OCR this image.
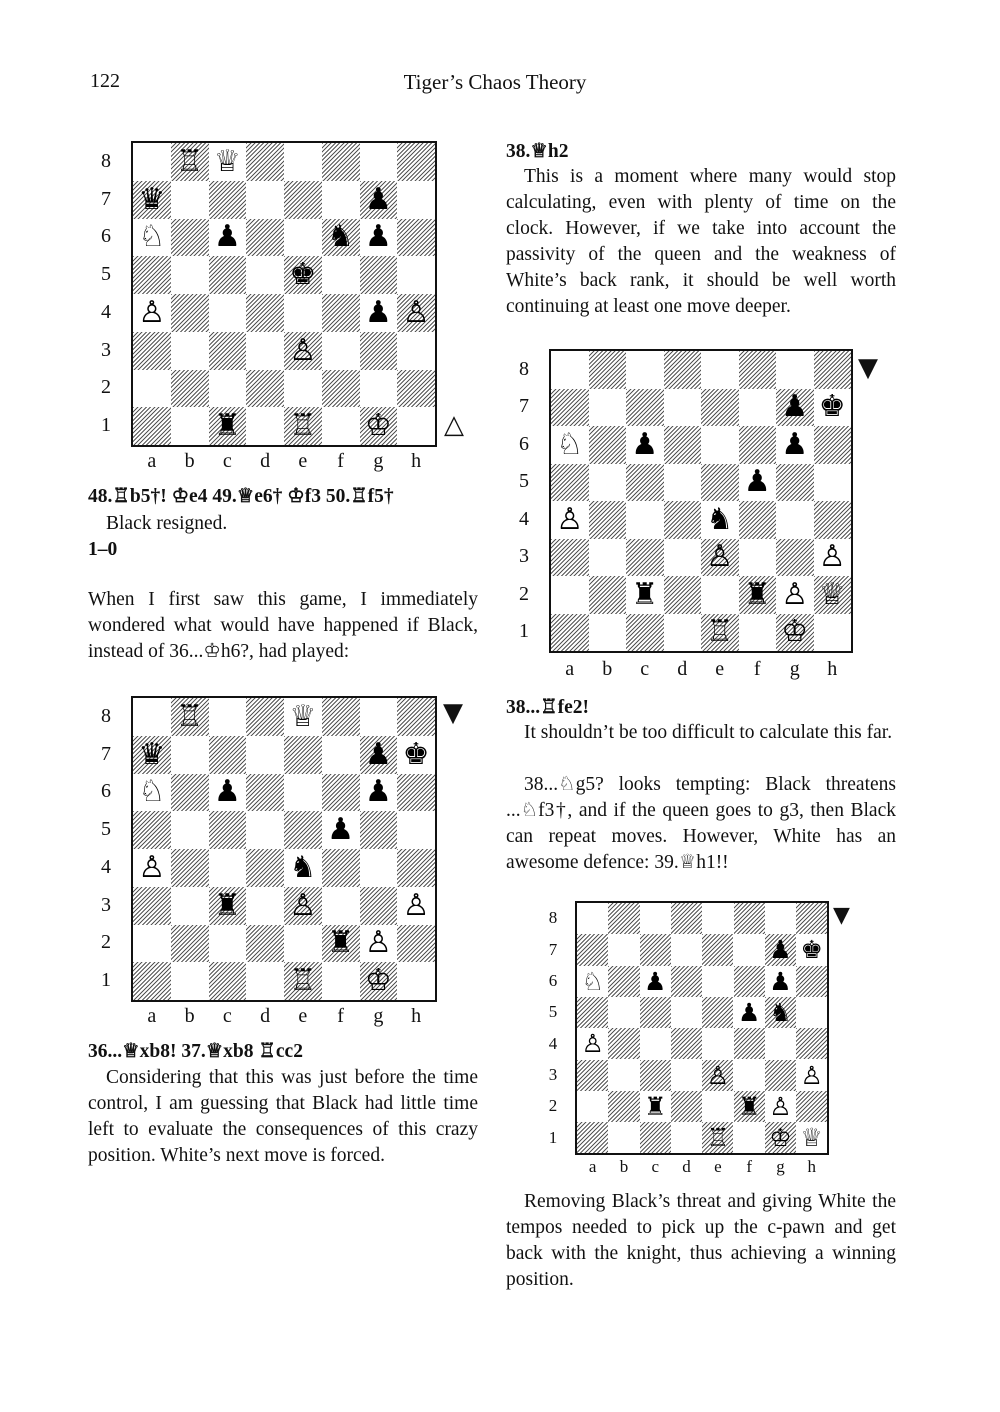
122	Tiger’s Chaos Theory
♖ ♕
♛	♟
♘ ♟	♞ ♟
♚
♙	♟ ♙
♙
♜ ♖ ♔
8
7
6
5
4
3
2
1
a	b	c	d	e	f	g	h
△
♖	♕
♛	♟ ♚
♘ ♟	♟
♟
♙	♞
♜ ♙	♙
♜ ♙
♖ ♔
8
7
6
5
4
3
2
1
a	b	c	d	e	f	g	h
▼
♟ ♚
♘ ♟	♟
♟
♙	♞
♙	♙
♜	♜ ♙ ♕
♖ ♔
8
7
6
5
4
3
2
1
a	b	c	d	e	f	g	h
▼
♟ ♚
♘ ♟	♟
♟ ♞
♙
♙	♙
♜	♜ ♙
♖ ♔ ♕
8
7
6
5
4
3
2
1
a	b	c	d	e	f	g	h
▼
48.♖b5†! ♔e4 49.♕e6† ♔f3 50.♖f5†
Black resigned.
1–0
When I first saw this game, I immediately wondered what would have happened if Black, instead of 36...♔h6?, had played:
36...♕xb8! 37.♕xb8 ♖cc2
Considering that this was just before the time control, I am guessing that Black had little time left to evaluate the consequences of this crazy position. White’s next move is forced.
38.♕h2
This is a moment where many would stop calculating, even with plenty of time on the clock. However, if we take into account the passivity of the queen and the weakness of White’s back rank, it should be well worth continuing at least one move deeper.
38...♖fe2!
It shouldn’t be too difficult to calculate this far.
38...♘g5? looks tempting: Black threatens ...♘f3†, and if the queen goes to g3, then Black can repeat moves. However, White has an awesome defence: 39.♕h1!!
Removing Black’s threat and giving White the tempos needed to pick up the c-pawn and get back with the knight, thus achieving a winning position.
